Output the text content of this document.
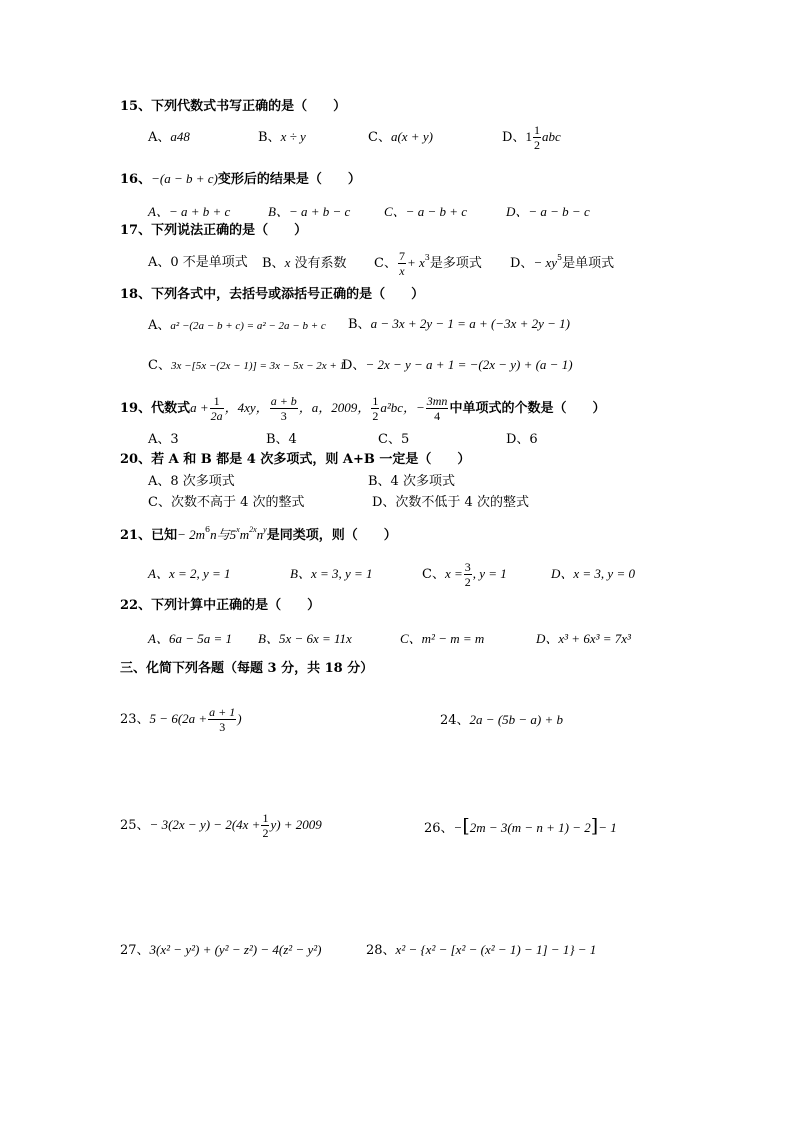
15、下列代数式书写正确的是（　　）
A、a48	B、x ÷ y	C、a(x + y)	D、$1 \frac{1}{2}$ abc
16、−(a − b + c)变形后的结果是（　　）
A、− a + b + c	B、− a + b − c	C、− a − b + c	D、− a − b − c
17、下列说法正确的是（　　）
A、0 不是单项式 B、x 没有系数 C、 $\frac{7}{x} + x^3$是多项式 D、− $xy^5$是单项式
18、下列各式中，去括号或添括号正确的是（　　）
A、a² −(2a − b + c) = a² − 2a − b + c B、a − 3x + 2y − 1 = a + (−3x + 2y − 1)
C、3x −[5x −(2x − 1)] = 3x − 5x − 2x + 1
D、− 2x − y − a + 1 = −(2x − y) + (a − 1)
19、代数式$a + \frac{1}{2a}$ ，4xy， $\frac{a + b}{3}$ ，a，2009， $\frac{1}{2} a^2bc$，− $\frac{3mn}{4}$ 中单项式的个数是（　　）
A、3	B、4	C、5	D、6
20、若 A 和 B 都是 4 次多项式，则 A+B 一定是（　　）
A、8 次多项式	B、4 次多项式
C、次数不高于 4 次的整式	D、次数不低于 4 次的整式
21、已知− $2m^6n$与$5^xm^{2x}n^y$是同类项，则（　　）
A、x = 2, y = 1	B、x = 3, y = 1	C、$x = \frac{3}{2}$ , y = 1	D、x = 3, y = 0
22、下列计算中正确的是（　　）
A、6a − 5a = 1 B、5x − 6x = 11x	C、m² − m = m	D、x³ + 6x³ = 7x³
三、化简下列各题（每题 3 分，共 18 分）
23、$5 - 6(2a + \frac{a + 1}{3}$ )	24、2a − (5b − a) + b
25、− $3(2x - y) - 2(4x + \frac{1}{2} y) + 2009$	26、−[2m − 3(m − n + 1) − 2]− 1
27、3(x² − y²) + (y² − z²) − 4(z² − y²)	28、x² − {x² − [x² − (x² − 1) − 1] − 1} − 1
